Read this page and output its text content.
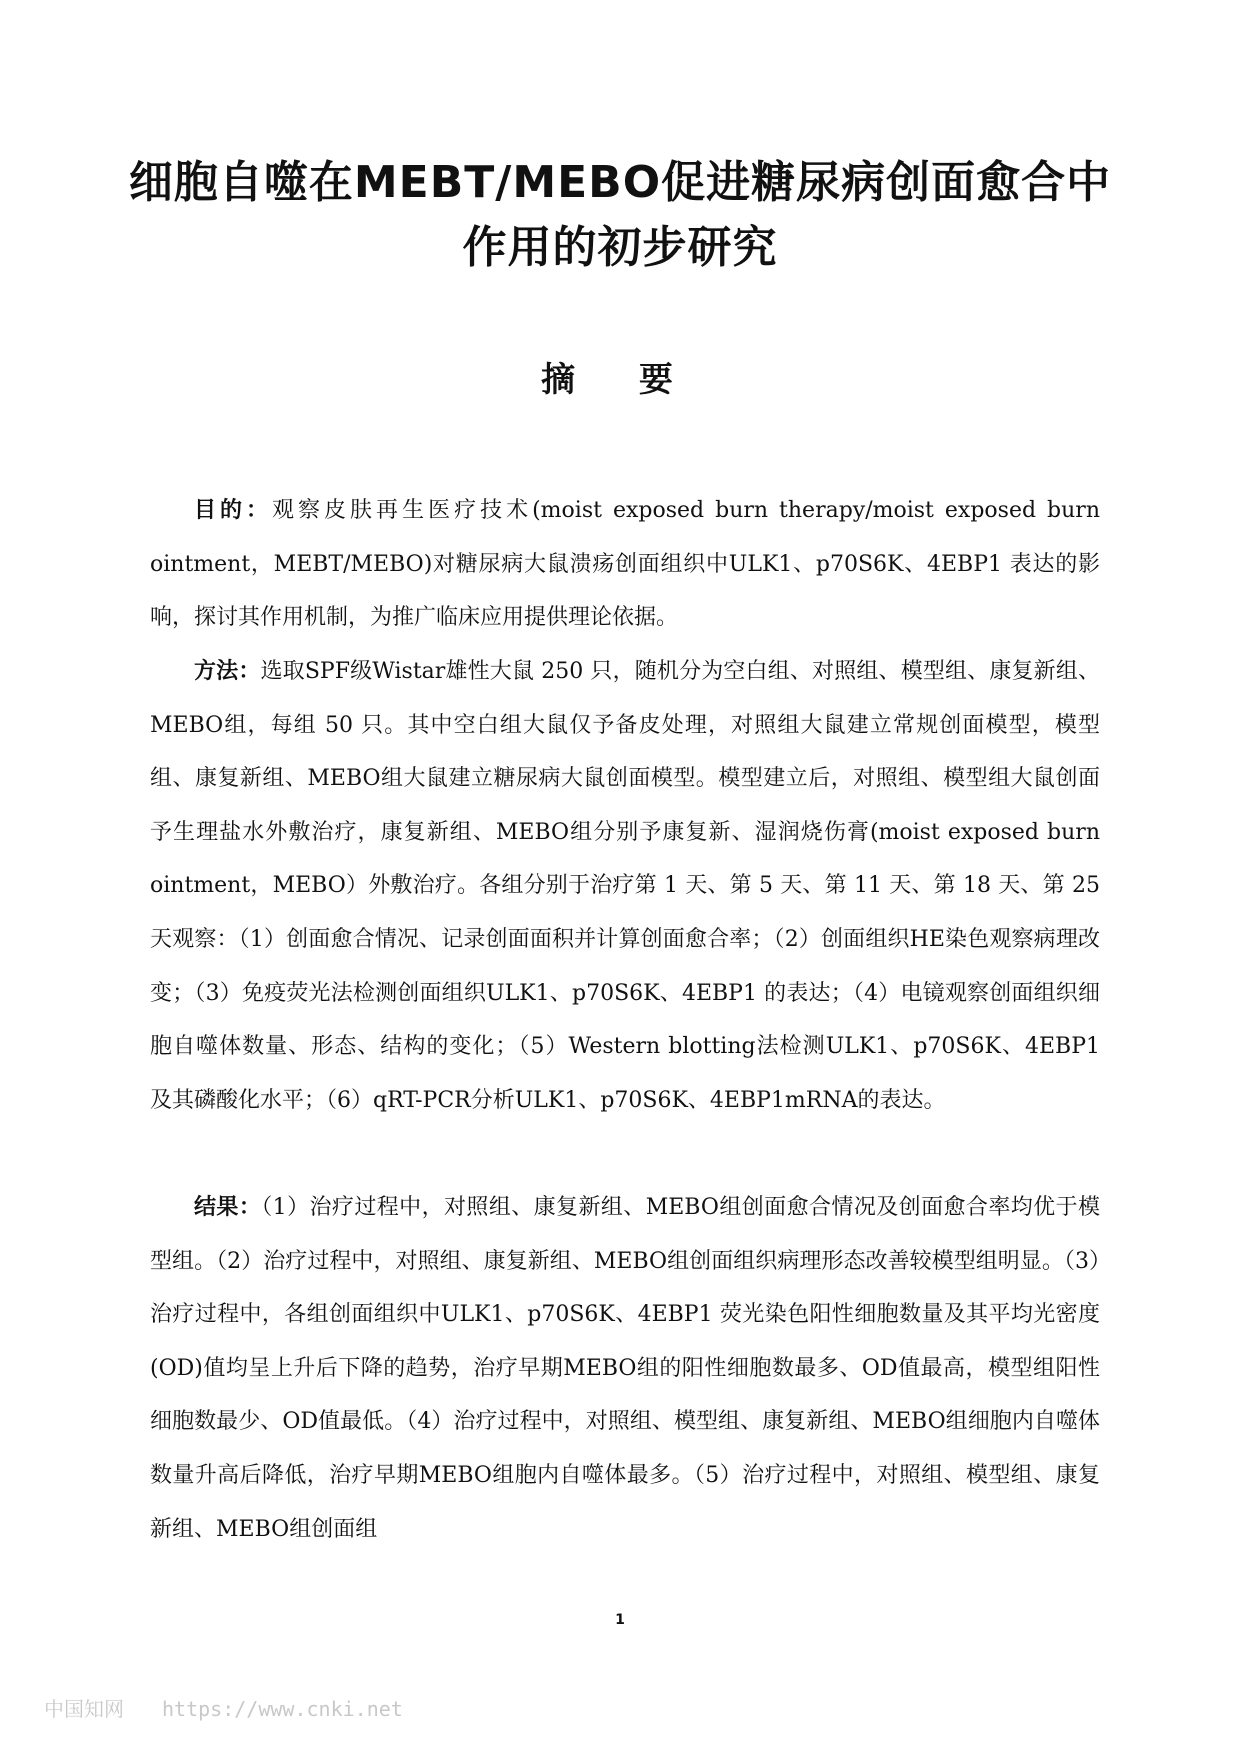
细胞自噬在MEBT/MEBO促进糖尿病创面愈合中
作用的初步研究
摘 要

目的：观察皮肤再生医疗技术(moist exposed burn therapy/moist exposed burn ointment，MEBT/MEBO)对糖尿病大鼠溃疡创面组织中ULK1、p70S6K、4EBP1 表达的影响，探讨其作用机制，为推广临床应用提供理论依据。

方法：选取SPF级Wistar雄性大鼠 250 只，随机分为空白组、对照组、模型组、康复新组、MEBO组，每组 50 只。其中空白组大鼠仅予备皮处理，对照组大鼠建立常规创面模型，模型组、康复新组、MEBO组大鼠建立糖尿病大鼠创面模型。模型建立后，对照组、模型组大鼠创面予生理盐水外敷治疗，康复新组、MEBO组分别予康复新、湿润烧伤膏(moist exposed burn ointment，MEBO）外敷治疗。各组分别于治疗第 1 天、第 5 天、第 11 天、第 18 天、第 25 天观察：（1）创面愈合情况、记录创面面积并计算创面愈合率；（2）创面组织HE染色观察病理改变；（3）免疫荧光法检测创面组织ULK1、p70S6K、4EBP1 的表达；（4）电镜观察创面组织细胞自噬体数量、形态、结构的变化；（5）Western blotting法检测ULK1、p70S6K、4EBP1 及其磷酸化水平；（6）qRT-PCR分析ULK1、p70S6K、4EBP1mRNA的表达。

结果：（1）治疗过程中，对照组、康复新组、MEBO组创面愈合情况及创面愈合率均优于模型组。（2）治疗过程中，对照组、康复新组、MEBO组创面组织病理形态改善较模型组明显。（3）治疗过程中，各组创面组织中ULK1、p70S6K、4EBP1 荧光染色阳性细胞数量及其平均光密度(OD)值均呈上升后下降的趋势，治疗早期MEBO组的阳性细胞数最多、OD值最高，模型组阳性细胞数最少、OD值最低。（4）治疗过程中，对照组、模型组、康复新组、MEBO组细胞内自噬体数量升高后降低，治疗早期MEBO组胞内自噬体最多。（5）治疗过程中，对照组、模型组、康复新组、MEBO组创面组

1
中国知网 https://www.cnki.net
